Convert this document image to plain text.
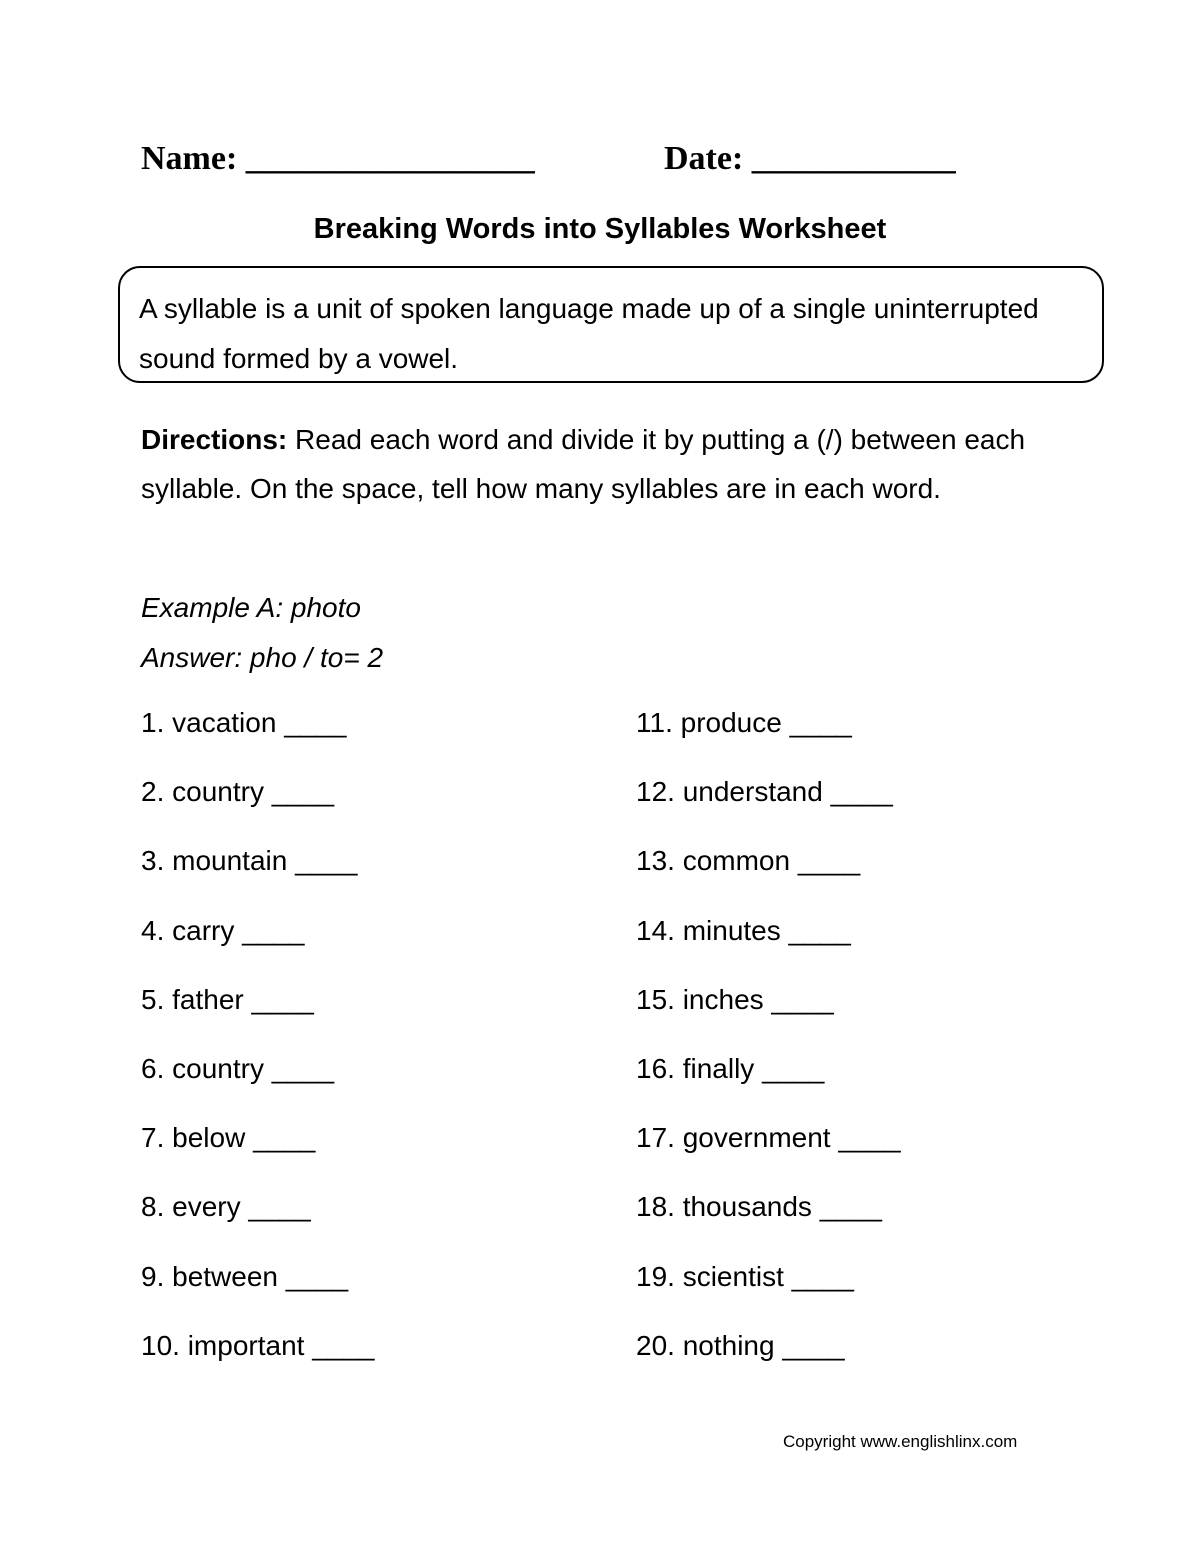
Name: _________________	Date: ____________
Breaking Words into Syllables Worksheet
A syllable is a unit of spoken language made up of a single uninterrupted sound formed by a vowel.
Directions: Read each word and divide it by putting a (/) between each syllable. On the space, tell how many syllables are in each word.
Example A: photo
Answer: pho / to= 2
1. vacation ____
2. country ____
3. mountain ____
4. carry ____
5. father ____
6. country ____
7. below ____
8. every ____
9. between ____
10. important ____
11. produce ____
12. understand ____
13. common ____
14. minutes ____
15. inches ____
16. finally ____
17. government ____
18. thousands ____
19. scientist ____
20. nothing ____
Copyright www.englishlinx.com
